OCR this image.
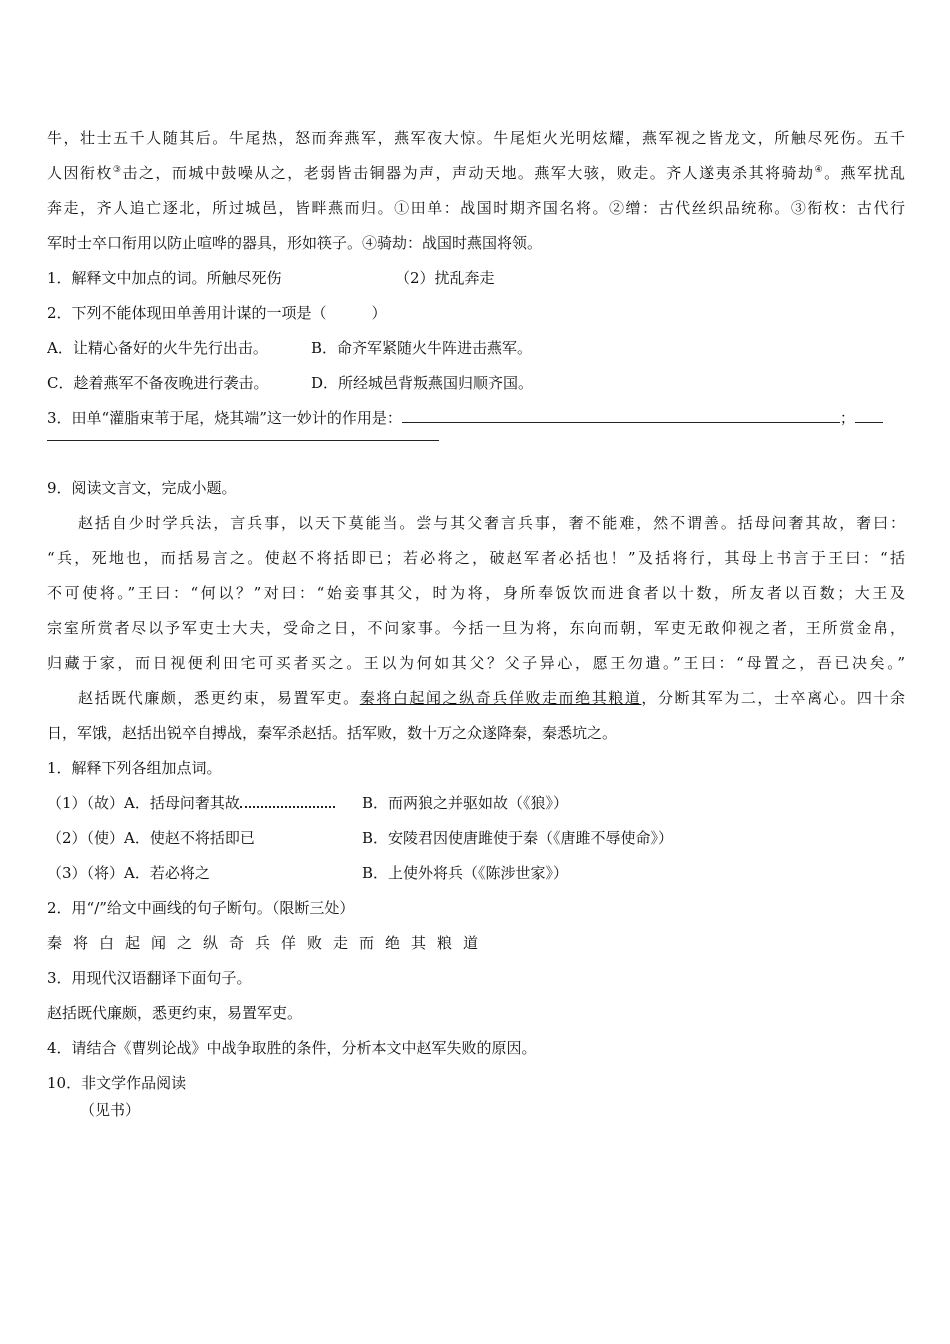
牛，壮士五千人随其后。牛尾热，怒而奔燕军，燕军夜大惊。牛尾炬火光明炫耀，燕军视之皆龙文，所触尽死伤。五千
人因衔枚③击之，而城中鼓噪从之，老弱皆击铜器为声，声动天地。燕军大骇，败走。齐人遂夷杀其将骑劫④。燕军扰乱
奔走，齐人追亡逐北，所过城邑，皆畔燕而归。①田单：战国时期齐国名将。②缯：古代丝织品统称。③衔枚：古代行
军时士卒口衔用以防止喧哗的器具，形如筷子。④骑劫：战国时燕国将领。
1．解释文中加点的词。所触尽死伤	（2）扰乱奔走
2．下列不能体现田单善用计谋的一项是（　　　）
A．让精心备好的火牛先行出击。	B．命齐军紧随火牛阵进击燕军。
C．趁着燕军不备夜晚进行袭击。	D．所经城邑背叛燕国归顺齐国。
3．田单“灌脂束苇于尾，烧其端”这一妙计的作用是：	；
9．阅读文言文，完成小题。
赵括自少时学兵法，言兵事，以天下莫能当。尝与其父奢言兵事，奢不能难，然不谓善。括母问奢其故，奢曰：
“兵，死地也，而括易言之。使赵不将括即已；若必将之，破赵军者必括也！”及括将行，其母上书言于王曰：“括
不可使将。”王曰：“何以？”对曰：“始妾事其父，时为将，身所奉饭饮而进食者以十数，所友者以百数；大王及
宗室所赏者尽以予军吏士大夫，受命之日，不问家事。今括一旦为将，东向而朝，军吏无敢仰视之者，王所赏金帛，
归藏于家，而日视便利田宅可买者买之。王以为何如其父？父子异心，愿王勿遣。”王曰：“母置之，吾已决矣。”
赵括既代廉颇，悉更约束，易置军吏。秦将白起闻之纵奇兵佯败走而绝其粮道，分断其军为二，士卒离心。四十余
日，军饿，赵括出锐卒自搏战，秦军杀赵括。括军败，数十万之众遂降秦，秦悉坑之。
1．解释下列各组加点词。
（1）（故）A．括母问奢其故	B．而两狼之并驱如故（《狼》）
（2）（使）A．使赵不将括即已	B．安陵君因使唐雎使于秦（《唐雎不辱使命》）
（3）（将）A．若必将之	B．上使外将兵（《陈涉世家》）
2．用“/”给文中画线的句子断句。（限断三处）
秦将白起闻之纵奇兵佯败走而绝其粮道
3．用现代汉语翻译下面句子。
赵括既代廉颇，悉更约束，易置军吏。
4．请结合《曹刿论战》中战争取胜的条件，分析本文中赵军失败的原因。
10．非文学作品阅读
（见书）
